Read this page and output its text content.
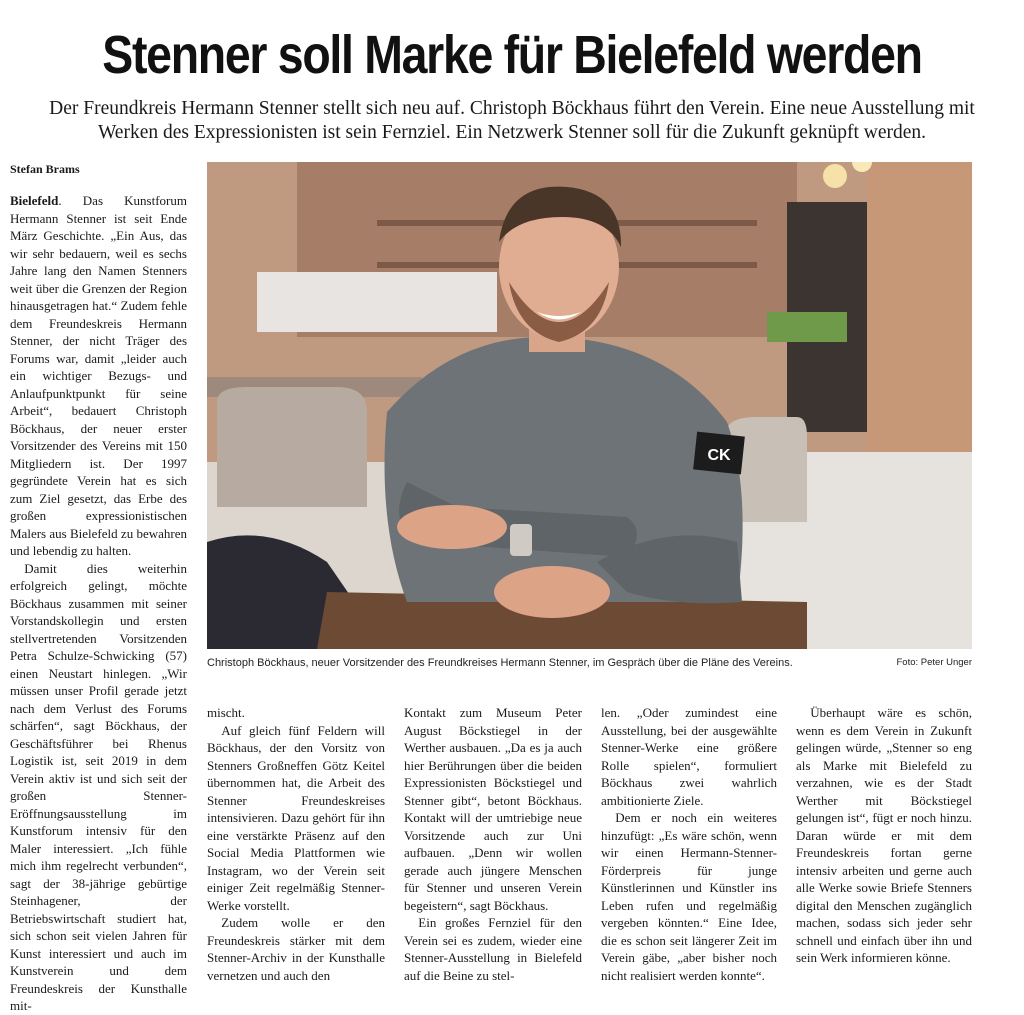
Stenner soll Marke für Bielefeld werden

Der Freundkreis Hermann Stenner stellt sich neu auf. Christoph Böckhaus führt den Verein. Eine neue Ausstellung mit Werken des Expressionisten ist sein Fernziel. Ein Netzwerk Stenner soll für die Zukunft geknüpft werden.

Stefan Brams

Bielefeld. Das Kunstforum Hermann Stenner ist seit Ende März Geschichte. „Ein Aus, das wir sehr bedauern, weil es sechs Jahre lang den Namen Stenners weit über die Grenzen der Region hinausgetragen hat.“ Zudem fehle dem Freundeskreis Hermann Stenner, der nicht Träger des Forums war, damit „leider auch ein wichtiger Bezugs- und Anlaufpunktpunkt für seine Arbeit“, bedauert Christoph Böckhaus, der neuer erster Vorsitzender des Vereins mit 150 Mitgliedern ist. Der 1997 gegründete Verein hat es sich zum Ziel gesetzt, das Erbe des großen expressionistischen Malers aus Bielefeld zu bewahren und lebendig zu halten.

Damit dies weiterhin erfolgreich gelingt, möchte Böckhaus zusammen mit seiner Vorstandskollegin und ersten stellvertretenden Vorsitzenden Petra Schulze-Schwicking (57) einen Neustart hinlegen. „Wir müssen unser Profil gerade jetzt nach dem Verlust des Forums schärfen“, sagt Böckhaus, der Geschäftsführer bei Rhenus Logistik ist, seit 2019 in dem Verein aktiv ist und sich seit der großen Stenner-Eröffnungsausstellung im Kunstforum intensiv für den Maler interessiert. „Ich fühle mich ihm regelrecht verbunden“, sagt der 38-jährige gebürtige Steinhagener, der Betriebswirtschaft studiert hat, sich schon seit vielen Jahren für Kunst interessiert und auch im Kunstverein und dem Freundeskreis der Kunsthalle mit-

CK
Christoph Böckhaus, neuer Vorsitzender des Freundkreises Hermann Stenner, im Gespräch über die Pläne des Vereins.	Foto: Peter Unger

mischt.

Auf gleich fünf Feldern will Böckhaus, der den Vorsitz von Stenners Großneffen Götz Keitel übernommen hat, die Arbeit des Stenner Freundeskreises intensivieren. Dazu gehört für ihn eine verstärkte Präsenz auf den Social Media Plattformen wie Instagram, wo der Verein seit einiger Zeit regelmäßig Stenner-Werke vorstellt.

Zudem wolle er den Freundeskreis stärker mit dem Stenner-Archiv in der Kunsthalle vernetzen und auch den

Kontakt zum Museum Peter August Böckstiegel in der Werther ausbauen. „Da es ja auch hier Berührungen über die beiden Expressionisten Böckstiegel und Stenner gibt“, betont Böckhaus. Kontakt will der umtriebige neue Vorsitzende auch zur Uni aufbauen. „Denn wir wollen gerade auch jüngere Menschen für Stenner und unseren Verein begeistern“, sagt Böckhaus.

Ein großes Fernziel für den Verein sei es zudem, wieder eine Stenner-Ausstellung in Bielefeld auf die Beine zu stel-

len. „Oder zumindest eine Ausstellung, bei der ausgewählte Stenner-Werke eine größere Rolle spielen“, formuliert Böckhaus zwei wahrlich ambitionierte Ziele.

Dem er noch ein weiteres hinzufügt: „Es wäre schön, wenn wir einen Hermann-Stenner-Förderpreis für junge Künstlerinnen und Künstler ins Leben rufen und regelmäßig vergeben könnten.“ Eine Idee, die es schon seit längerer Zeit im Verein gäbe, „aber bisher noch nicht realisiert werden konnte“.

Überhaupt wäre es schön, wenn es dem Verein in Zukunft gelingen würde, „Stenner so eng als Marke mit Bielefeld zu verzahnen, wie es der Stadt Werther mit Böckstiegel gelungen ist“, fügt er noch hinzu. Daran würde er mit dem Freundeskreis fortan gerne intensiv arbeiten und gerne auch alle Werke sowie Briefe Stenners digital den Menschen zugänglich machen, sodass sich jeder sehr schnell und einfach über ihn und sein Werk informieren könne.
